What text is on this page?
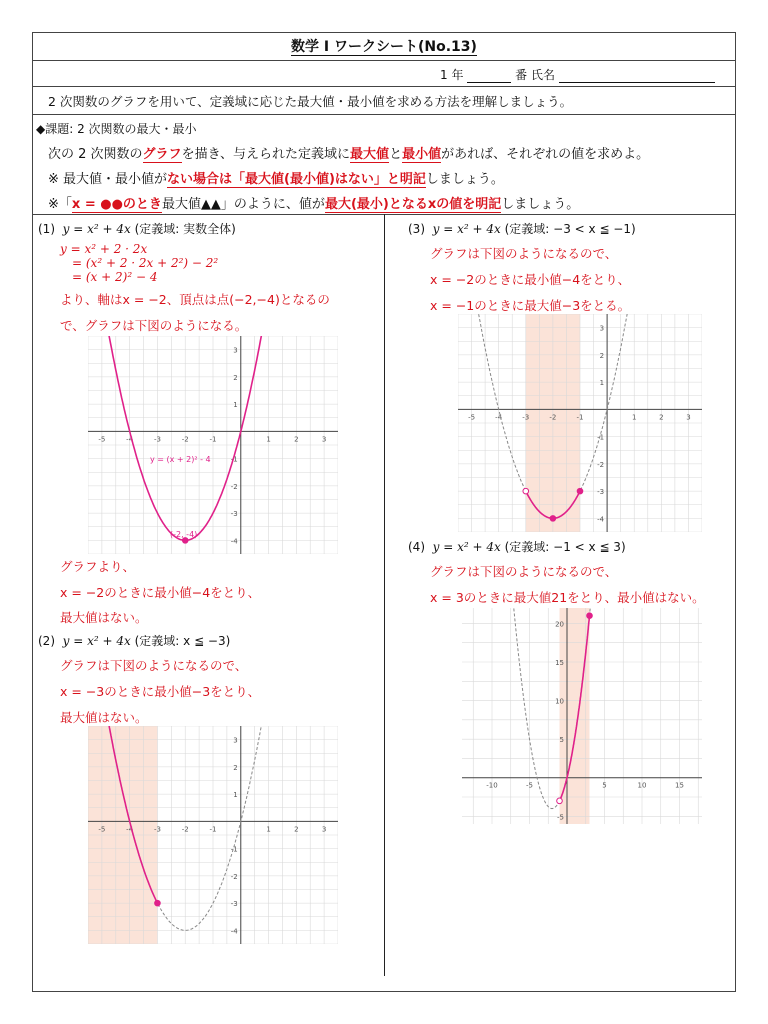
数学 I ワークシート(No.13)
1 年	番 氏名
2 次関数のグラフを用いて、定義域に応じた最大値・最小値を求める方法を理解しましょう。
◆課題: 2 次関数の最大・最小
次の 2 次関数のグラフを描き、与えられた定義域に最大値と最小値があれば、それぞれの値を求めよ。
※ 最大値・最小値がない場合は「最大値(最小値)はない」と明記しましょう。
※「x = ●●のとき最大値▲▲」のように、値が最大(最小)となるxの値を明記しましょう。
(1) y = x² + 4x (定義域: 実数全体)
y = x² + 2 · 2x
= (x² + 2 · 2x + 2²) − 2²
= (x + 2)² − 4
より、軸はx = −2、頂点は点(−2,−4)となるの
で、グラフは下図のようになる。
-5	-4	-3	-2	-1	1	2	3
-4
-3
-2
-1
1
2
3
y = (x + 2)² - 4
(-2, -4)
グラフより、
x = −2のときに最小値−4をとり、
最大値はない。
(2) y = x² + 4x (定義域: x ≦ −3)
グラフは下図のようになるので、
x = −3のときに最小値−3をとり、
最大値はない。
-5	-4	-3	-2	-1	1	2	3
-4
-3
-2
-1
1
2
3
(3) y = x² + 4x (定義域: −3 < x ≦ −1)
グラフは下図のようになるので、
x = −2のときに最小値−4をとり、
x = −1のときに最大値−3をとる。
-5	-4	-3	-2	-1	1	2	3
-4
-3
-2
-1
1
2
3
(4) y = x² + 4x (定義域: −1 < x ≦ 3)
グラフは下図のようになるので、
x = 3のときに最大値21をとり、最小値はない。
-10	-5	5	10	15
-5
5
10
15
20
